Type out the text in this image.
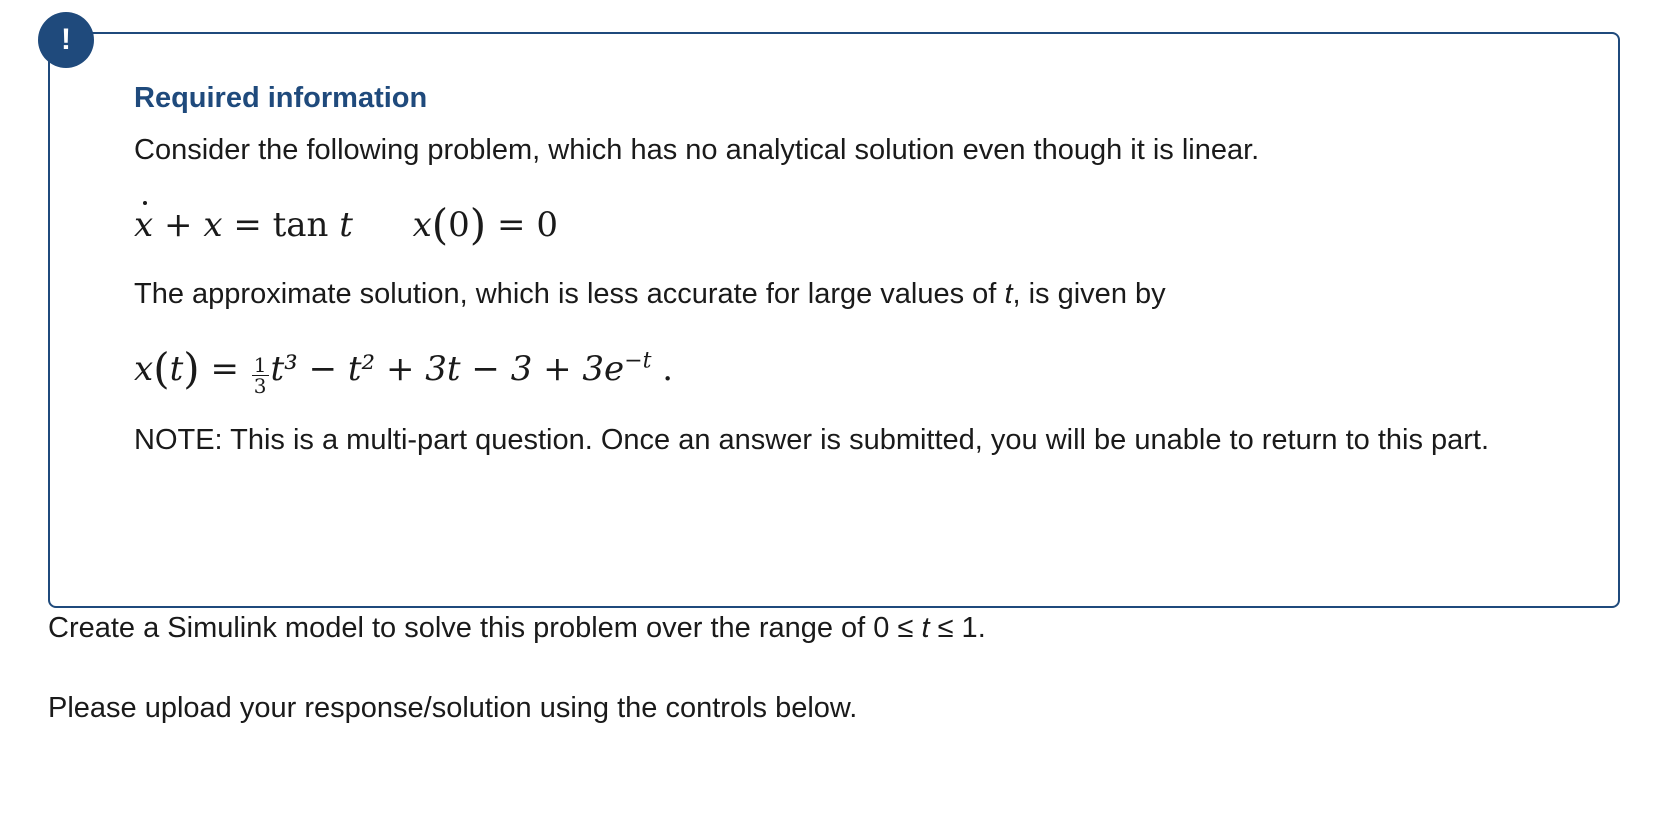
!
Required information

Consider the following problem, which has no analytical solution even though it is linear.

x + x = tan t x(0) = 0

The approximate solution, which is less accurate for large values of t, is given by

$x(t) = \frac{1}{3} t^3 - t^2 + 3t - 3 + 3e^{-t}$ .

NOTE: This is a multi-part question. Once an answer is submitted, you will be unable to return to this part.

Create a Simulink model to solve this problem over the range of 0 ≤ t ≤ 1.

Please upload your response/solution using the controls below.
